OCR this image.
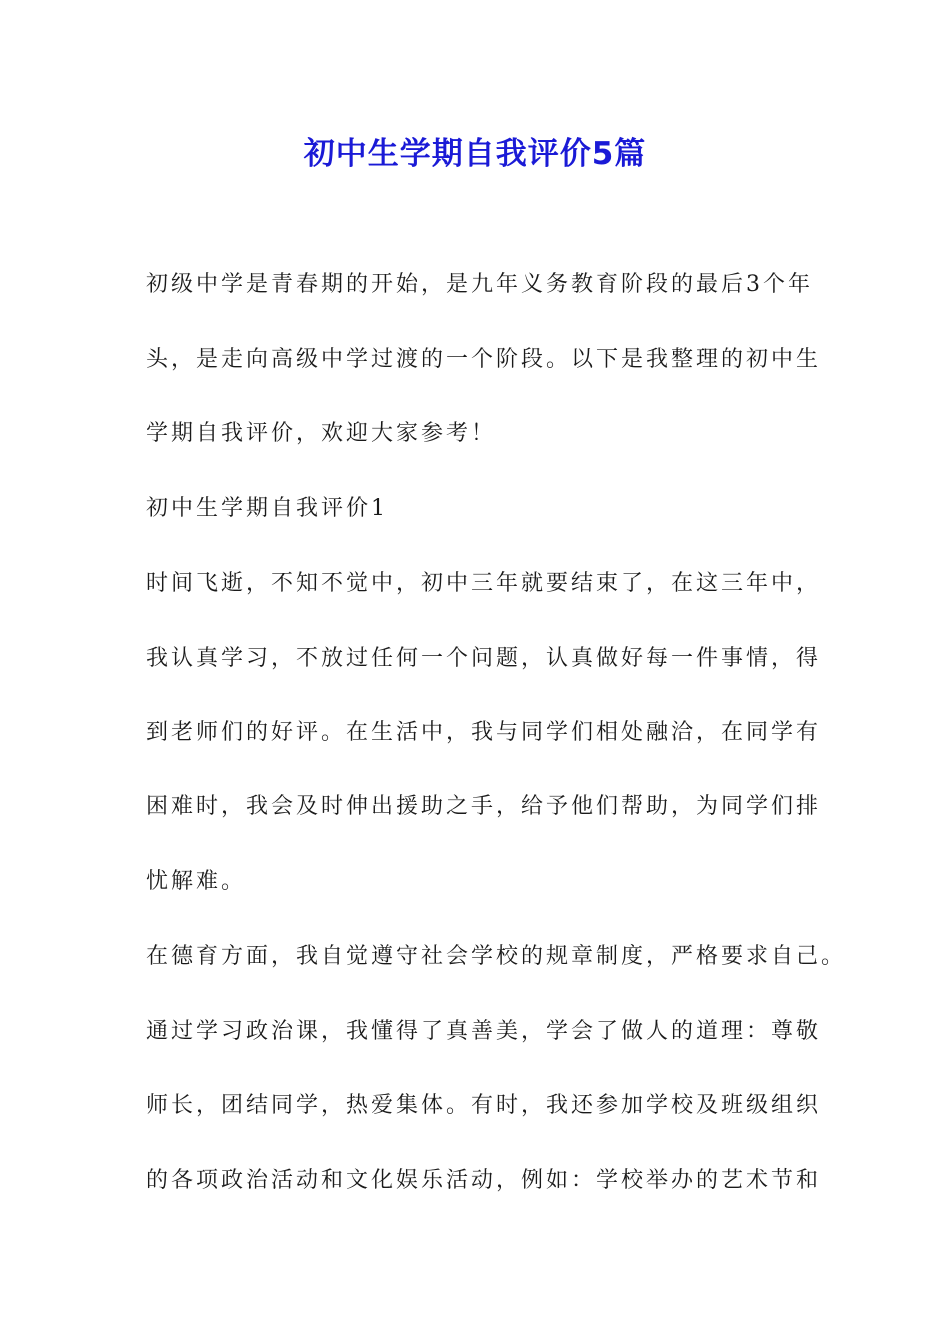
初中生学期自我评价5篇

初级中学是青春期的开始，是九年义务教育阶段的最后3个年

头，是走向高级中学过渡的一个阶段。以下是我整理的初中生

学期自我评价，欢迎大家参考！

初中生学期自我评价1

时间飞逝，不知不觉中，初中三年就要结束了，在这三年中，

我认真学习，不放过任何一个问题，认真做好每一件事情，得

到老师们的好评。在生活中，我与同学们相处融洽，在同学有

困难时，我会及时伸出援助之手，给予他们帮助，为同学们排

忧解难。

在德育方面，我自觉遵守社会学校的规章制度，严格要求自己。

通过学习政治课，我懂得了真善美，学会了做人的道理：尊敬

师长，团结同学，热爱集体。有时，我还参加学校及班级组织

的各项政治活动和文化娱乐活动，例如：学校举办的艺术节和
